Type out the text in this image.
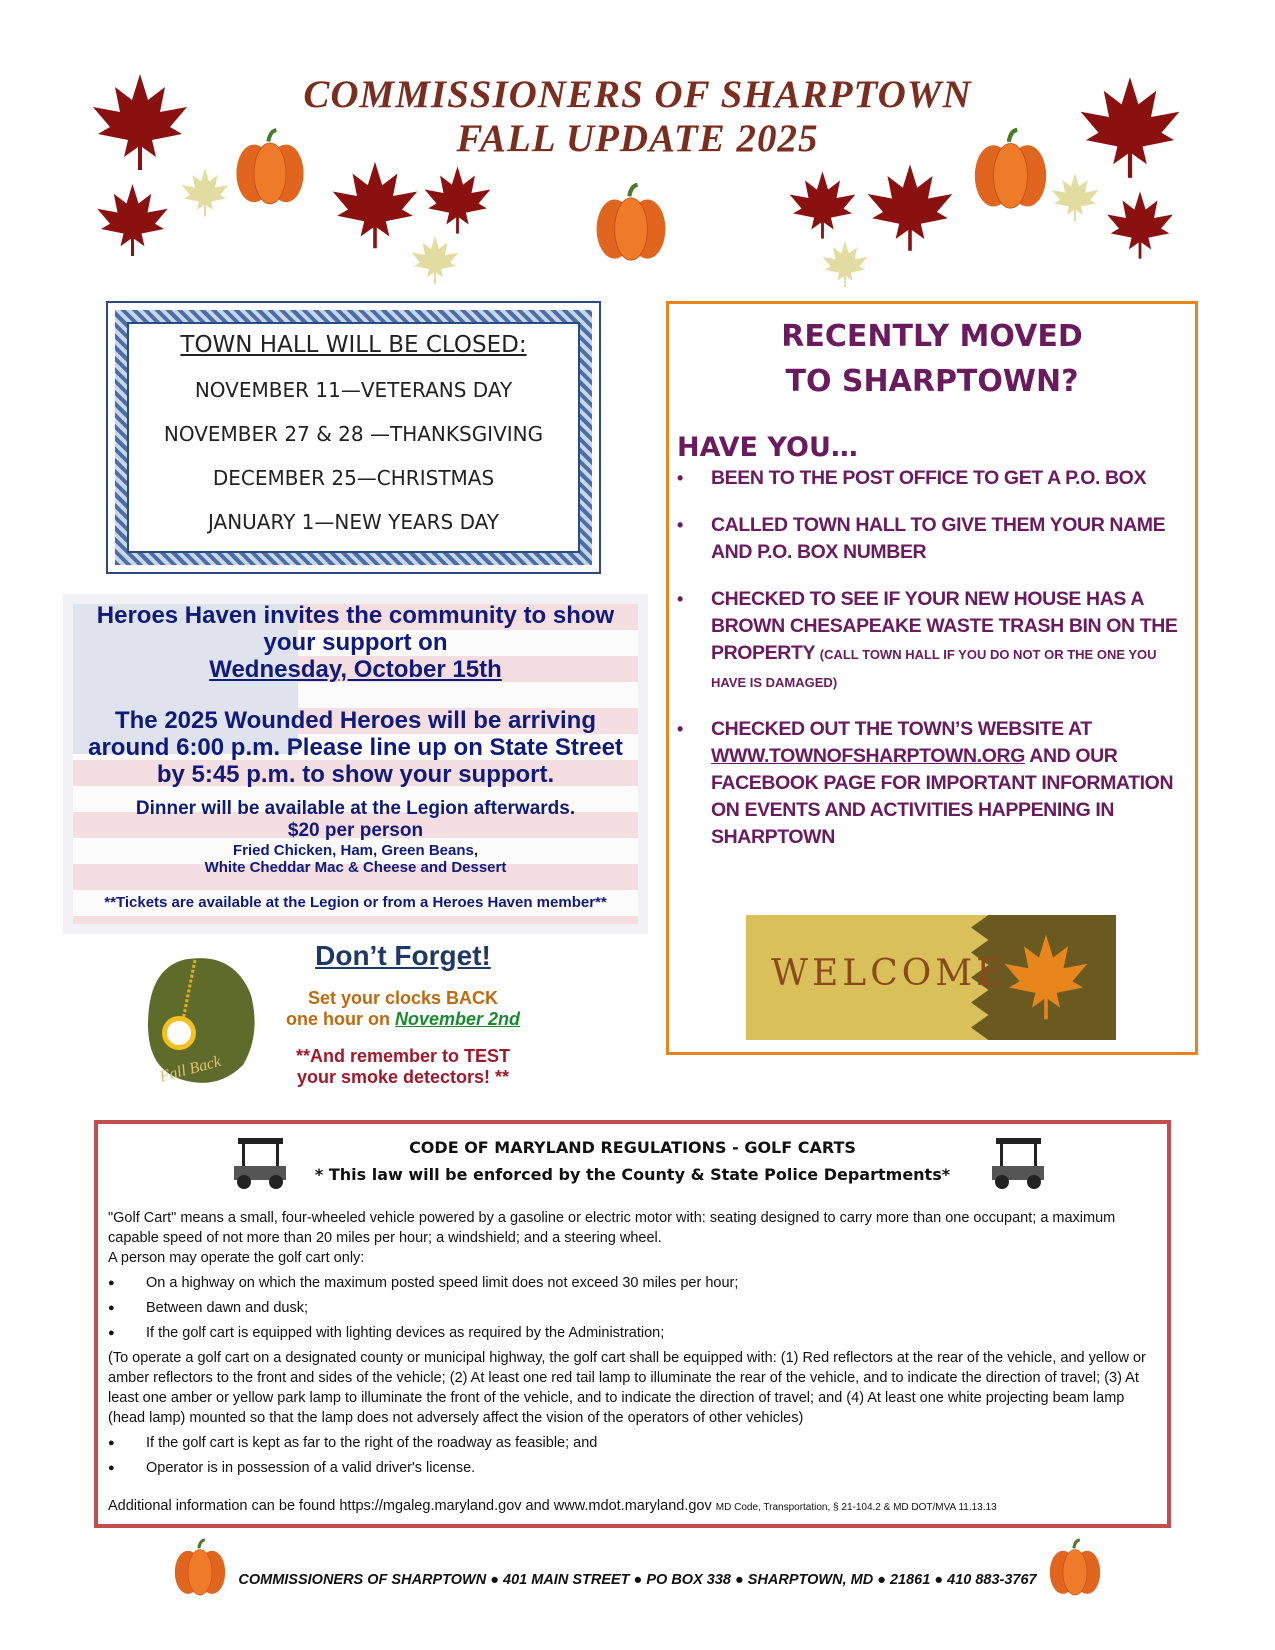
COMMISSIONERS OF SHARPTOWN
FALL UPDATE 2025
TOWN HALL WILL BE CLOSED:
NOVEMBER 11—VETERANS DAY
NOVEMBER 27 & 28 —THANKSGIVING
DECEMBER 25—CHRISTMAS
JANUARY 1—NEW YEARS DAY
Heroes Haven invites the community to show your support on
Wednesday, October 15th
The 2025 Wounded Heroes will be arriving around 6:00 p.m. Please line up on State Street by 5:45 p.m. to show your support.
Dinner will be available at the Legion afterwards.
$20 per person
Fried Chicken, Ham, Green Beans,
White Cheddar Mac & Cheese and Dessert
**Tickets are available at the Legion or from a Heroes Haven member**
Fall Back
Don’t Forget!
Set your clocks BACK
one hour on November 2nd
**And remember to TEST your smoke detectors! **
RECENTLY MOVED
TO SHARPTOWN?
HAVE YOU…
• BEEN TO THE POST OFFICE TO GET A P.O. BOX
• CALLED TOWN HALL TO GIVE THEM YOUR NAME AND P.O. BOX NUMBER
• CHECKED TO SEE IF YOUR NEW HOUSE HAS A BROWN CHESAPEAKE WASTE TRASH BIN ON THE PROPERTY (CALL TOWN HALL IF YOU DO NOT OR THE ONE YOU HAVE IS DAMAGED)
• CHECKED OUT THE TOWN’S WEBSITE AT WWW.TOWNOFSHARPTOWN.ORG AND OUR FACEBOOK PAGE FOR IMPORTANT INFORMATION ON EVENTS AND ACTIVITIES HAPPENING IN SHARPTOWN
WELCOME
CODE OF MARYLAND REGULATIONS - GOLF CARTS
* This law will be enforced by the County & State Police Departments*
"Golf Cart" means a small, four-wheeled vehicle powered by a gasoline or electric motor with: seating designed to carry more than one occupant; a maximum capable speed of not more than 20 miles per hour; a windshield; and a steering wheel.
A person may operate the golf cart only:
● On a highway on which the maximum posted speed limit does not exceed 30 miles per hour;
● Between dawn and dusk;
● If the golf cart is equipped with lighting devices as required by the Administration;
(To operate a golf cart on a designated county or municipal highway, the golf cart shall be equipped with: (1) Red reflectors at the rear of the vehicle, and yellow or amber reflectors to the front and sides of the vehicle; (2) At least one red tail lamp to illuminate the rear of the vehicle, and to indicate the direction of travel; (3) At least one amber or yellow park lamp to illuminate the front of the vehicle, and to indicate the direction of travel; and (4) At least one white projecting beam lamp (head lamp) mounted so that the lamp does not adversely affect the vision of the operators of other vehicles)
● If the golf cart is kept as far to the right of the roadway as feasible; and
● Operator is in possession of a valid driver's license.
Additional information can be found https://mgaleg.maryland.gov and www.mdot.maryland.gov MD Code, Transportation, § 21-104.2 & MD DOT/MVA 11.13.13
COMMISSIONERS OF SHARPTOWN ● 401 MAIN STREET ● PO BOX 338 ● SHARPTOWN, MD ● 21861 ● 410 883-3767
